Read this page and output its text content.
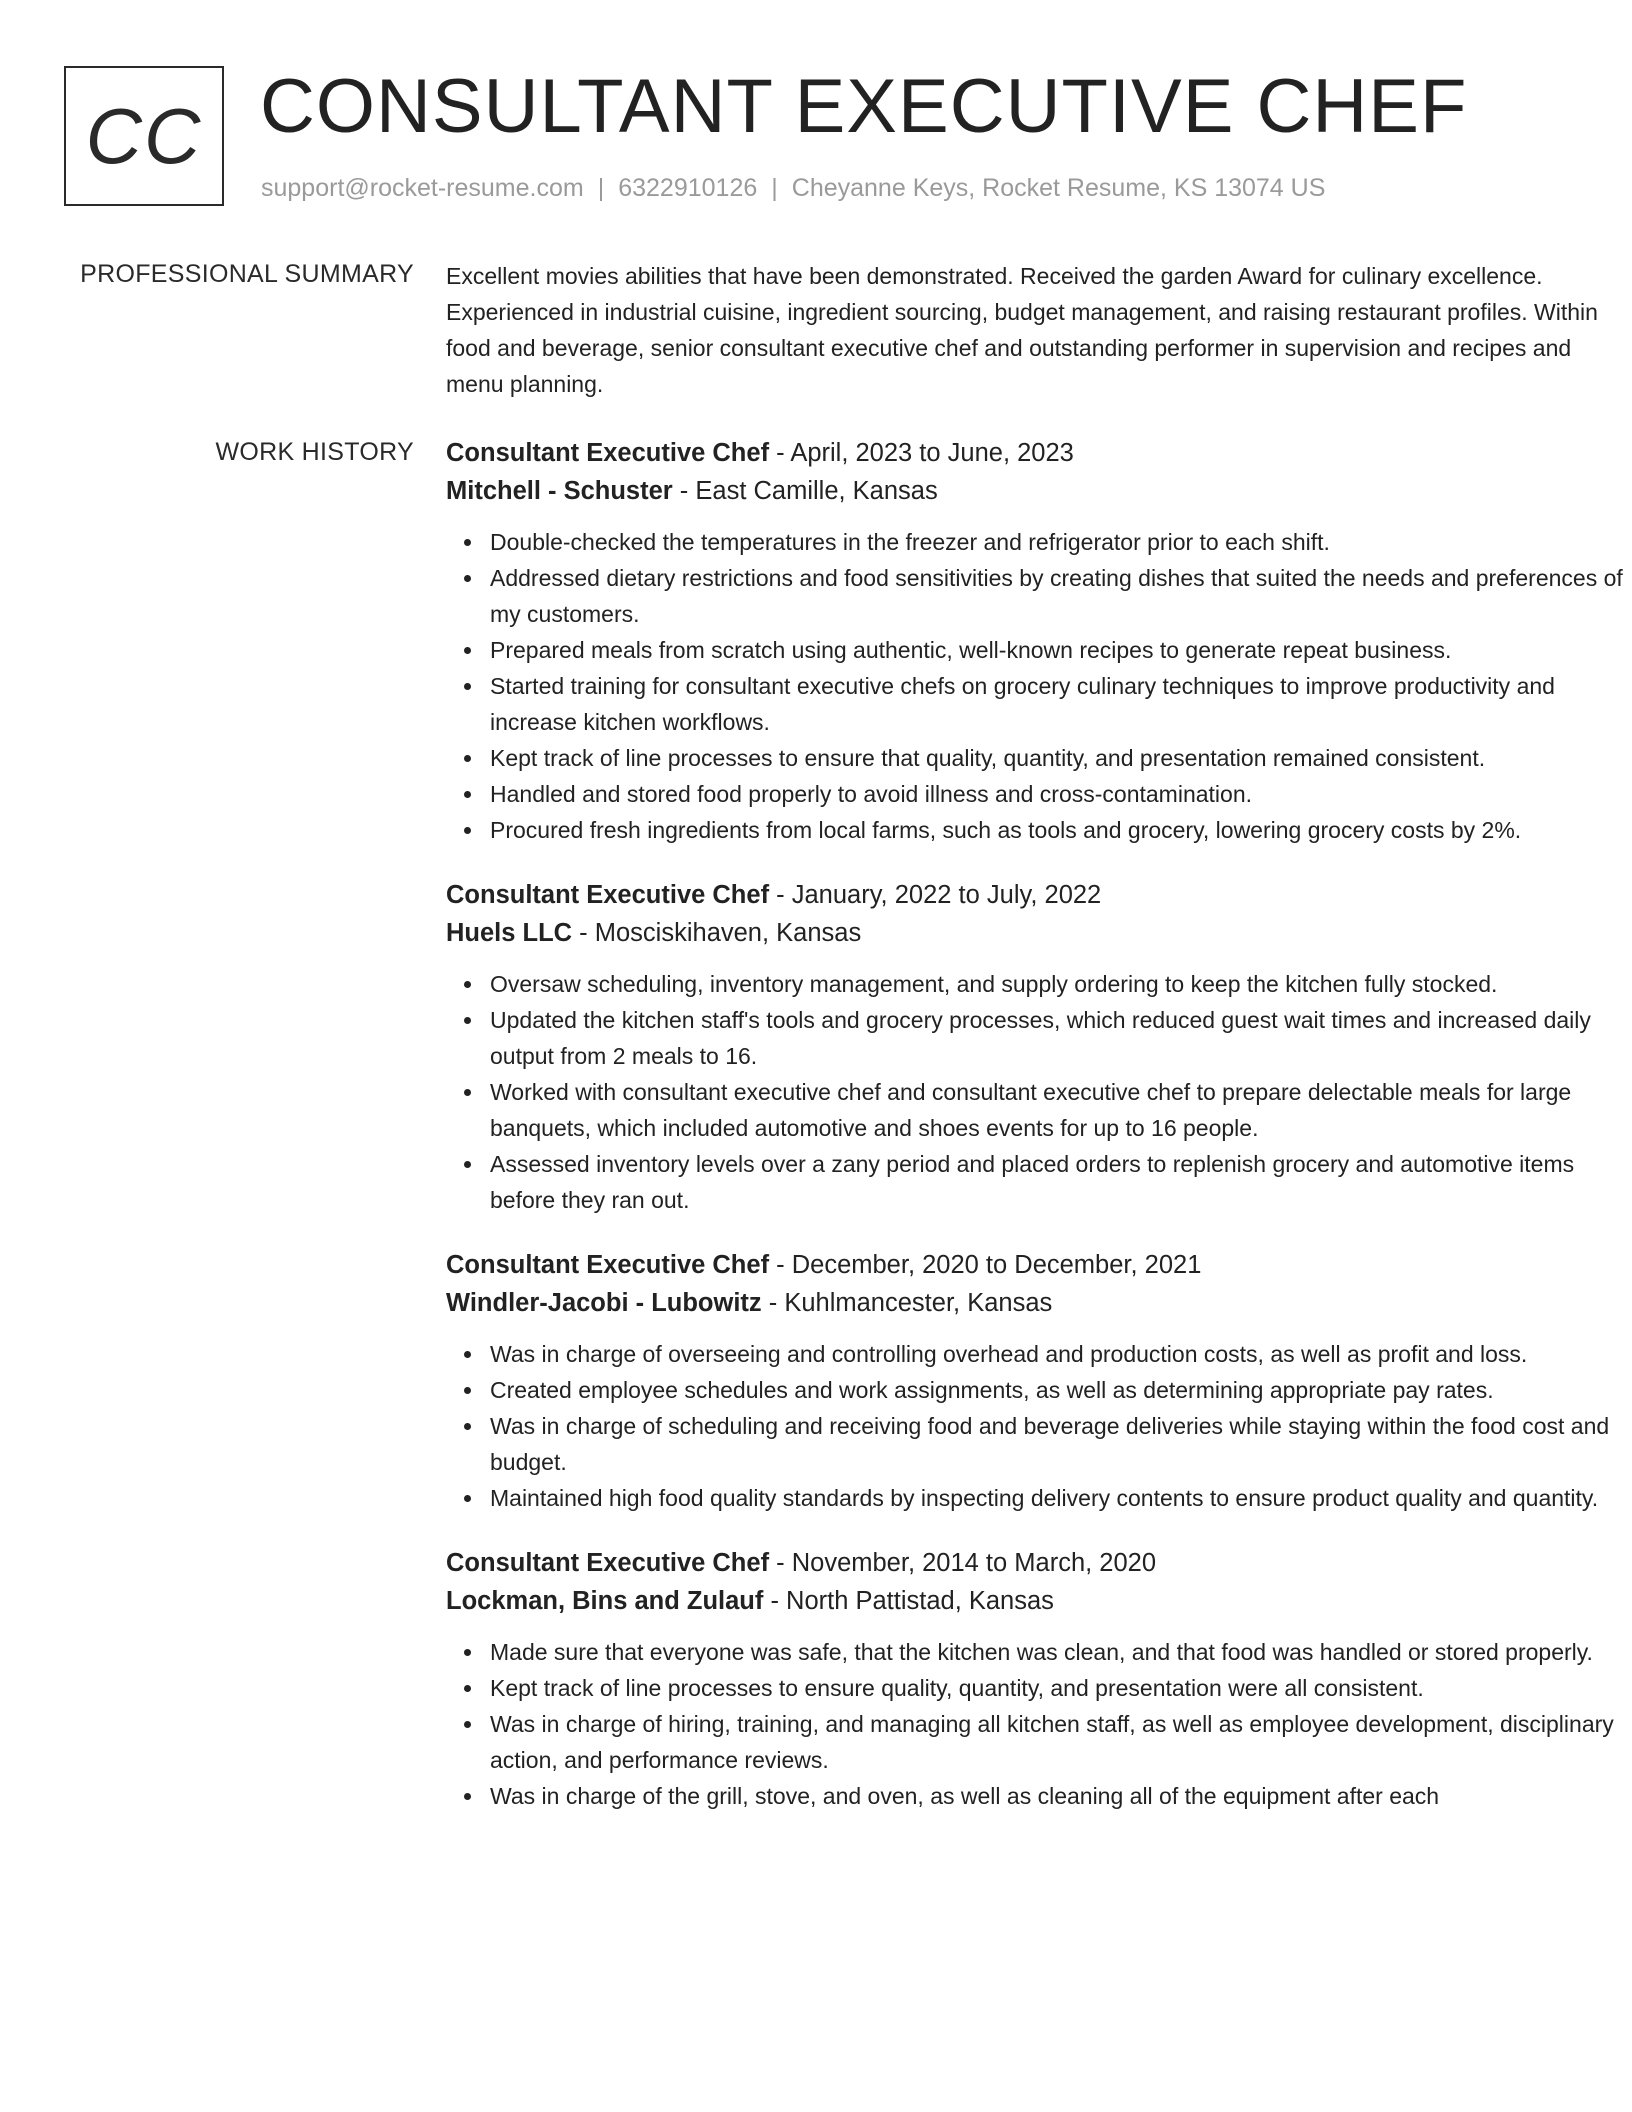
CC CONSULTANT EXECUTIVE CHEF
support@rocket-resume.com | 6322910126 | Cheyanne Keys, Rocket Resume, KS 13074 US
PROFESSIONAL SUMMARY Excellent movies abilities that have been demonstrated. Received the garden Award for culinary excellence. Experienced in industrial cuisine, ingredient sourcing, budget management, and raising restaurant profiles. Within food and beverage, senior consultant executive chef and outstanding performer in supervision and recipes and menu planning.

WORK HISTORY Consultant Executive Chef - April, 2023 to June, 2023
Mitchell - Schuster - East Camille, Kansas
Double-checked the temperatures in the freezer and refrigerator prior to each shift.
Addressed dietary restrictions and food sensitivities by creating dishes that suited the needs and preferences of my customers.
Prepared meals from scratch using authentic, well-known recipes to generate repeat business.
Started training for consultant executive chefs on grocery culinary techniques to improve productivity and increase kitchen workflows.
Kept track of line processes to ensure that quality, quantity, and presentation remained consistent.
Handled and stored food properly to avoid illness and cross-contamination.
Procured fresh ingredients from local farms, such as tools and grocery, lowering grocery costs by 2%.
Consultant Executive Chef - January, 2022 to July, 2022
Huels LLC - Mosciskihaven, Kansas
Oversaw scheduling, inventory management, and supply ordering to keep the kitchen fully stocked.
Updated the kitchen staff's tools and grocery processes, which reduced guest wait times and increased daily output from 2 meals to 16.
Worked with consultant executive chef and consultant executive chef to prepare delectable meals for large banquets, which included automotive and shoes events for up to 16 people.
Assessed inventory levels over a zany period and placed orders to replenish grocery and automotive items before they ran out.
Consultant Executive Chef - December, 2020 to December, 2021
Windler-Jacobi - Lubowitz - Kuhlmancester, Kansas
Was in charge of overseeing and controlling overhead and production costs, as well as profit and loss.
Created employee schedules and work assignments, as well as determining appropriate pay rates.
Was in charge of scheduling and receiving food and beverage deliveries while staying within the food cost and budget.
Maintained high food quality standards by inspecting delivery contents to ensure product quality and quantity.
Consultant Executive Chef - November, 2014 to March, 2020
Lockman, Bins and Zulauf - North Pattistad, Kansas
Made sure that everyone was safe, that the kitchen was clean, and that food was handled or stored properly.
Kept track of line processes to ensure quality, quantity, and presentation were all consistent.
Was in charge of hiring, training, and managing all kitchen staff, as well as employee development, disciplinary action, and performance reviews.
Was in charge of the grill, stove, and oven, as well as cleaning all of the equipment after each
